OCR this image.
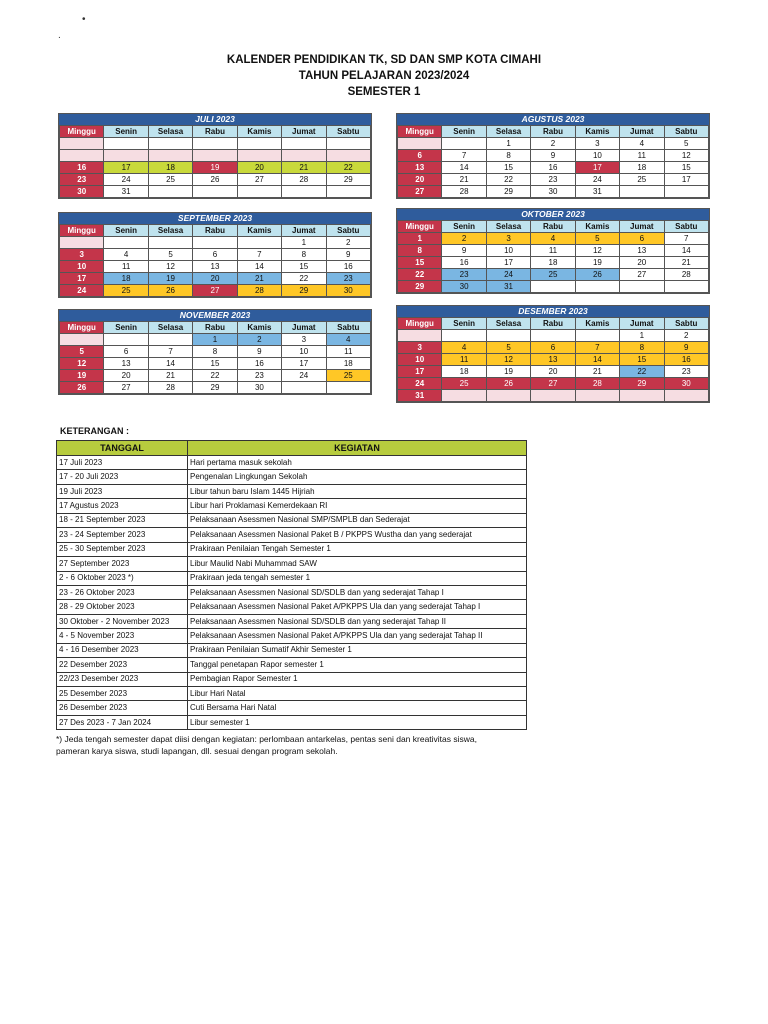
•
.
KALENDER PENDIDIKAN TK, SD DAN SMP KOTA CIMAHI
TAHUN PELAJARAN 2023/2024
SEMESTER 1
JULI 2023
Minggu	Senin	Selasa	Rabu	Kamis	Jumat	Sabtu

16	17	18	19	20	21	22
23	24	25	26	27	28	29
30	31					
AGUSTUS 2023
Minggu	Senin	Selasa	Rabu	Kamis	Jumat	Sabtu
		1	2	3	4	5
6	7	8	9	10	11	12
13	14	15	16	17	18	15
20	21	22	23	24	25	17
27	28	29	30	31		
SEPTEMBER 2023
Minggu	Senin	Selasa	Rabu	Kamis	Jumat	Sabtu
					1	2
3	4	5	6	7	8	9
10	11	12	13	14	15	16
17	18	19	20	21	22	23
24	25	26	27	28	29	30
OKTOBER 2023
Minggu	Senin	Selasa	Rabu	Kamis	Jumat	Sabtu
1	2	3	4	5	6	7
8	9	10	11	12	13	14
15	16	17	18	19	20	21
22	23	24	25	26	27	28
29	30	31				
NOVEMBER 2023
Minggu	Senin	Selasa	Rabu	Kamis	Jumat	Sabtu
			1	2	3	4
5	6	7	8	9	10	11
12	13	14	15	16	17	18
19	20	21	22	23	24	25
26	27	28	29	30		
DESEMBER 2023
Minggu	Senin	Selasa	Rabu	Kamis	Jumat	Sabtu
					1	2
3	4	5	6	7	8	9
10	11	12	13	14	15	16
17	18	19	20	21	22	23
24	25	26	27	28	29	30
31						
KETERANGAN :
TANGGAL	KEGIATAN
17 Juli 2023	Hari pertama masuk sekolah
17 - 20 Juli 2023	Pengenalan Lingkungan Sekolah
19 Juli 2023	Libur tahun baru Islam 1445 Hijriah
17 Agustus 2023	Libur hari Proklamasi Kemerdekaan RI
18 - 21 September 2023	Pelaksanaan Asessmen Nasional SMP/SMPLB dan Sederajat
23 - 24 September 2023	Pelaksanaan Asessmen Nasional Paket B / PKPPS Wustha dan yang sederajat
25 - 30 September 2023	Prakiraan Penilaian Tengah Semester 1
27 September 2023	Libur Maulid Nabi Muhammad SAW
2 - 6 Oktober 2023 *)	Prakiraan jeda tengah semester 1
23 - 26 Oktober 2023	Pelaksanaan Asessmen Nasional SD/SDLB dan yang sederajat Tahap I
28 - 29 Oktober 2023	Pelaksanaan Asessmen Nasional Paket A/PKPPS Ula dan yang sederajat Tahap I
30 Oktober - 2 November 2023	Pelaksanaan Asessmen Nasional SD/SDLB dan yang sederajat Tahap II
4 - 5 November 2023	Pelaksanaan Asessmen Nasional Paket A/PKPPS Ula dan yang sederajat Tahap II
4 - 16 Desember 2023	Prakiraan Penilaian Sumatif Akhir Semester 1
22 Desember 2023	Tanggal penetapan Rapor semester 1
22/23 Desember 2023	Pembagian Rapor Semester 1
25 Desember 2023	Libur Hari Natal
26 Desember 2023	Cuti Bersama Hari Natal
27 Des 2023 - 7 Jan 2024	Libur semester 1
*) Jeda tengah semester dapat diisi dengan kegiatan: perlombaan antarkelas, pentas seni dan kreativitas siswa,
pameran karya siswa, studi lapangan, dll. sesuai dengan program sekolah.
